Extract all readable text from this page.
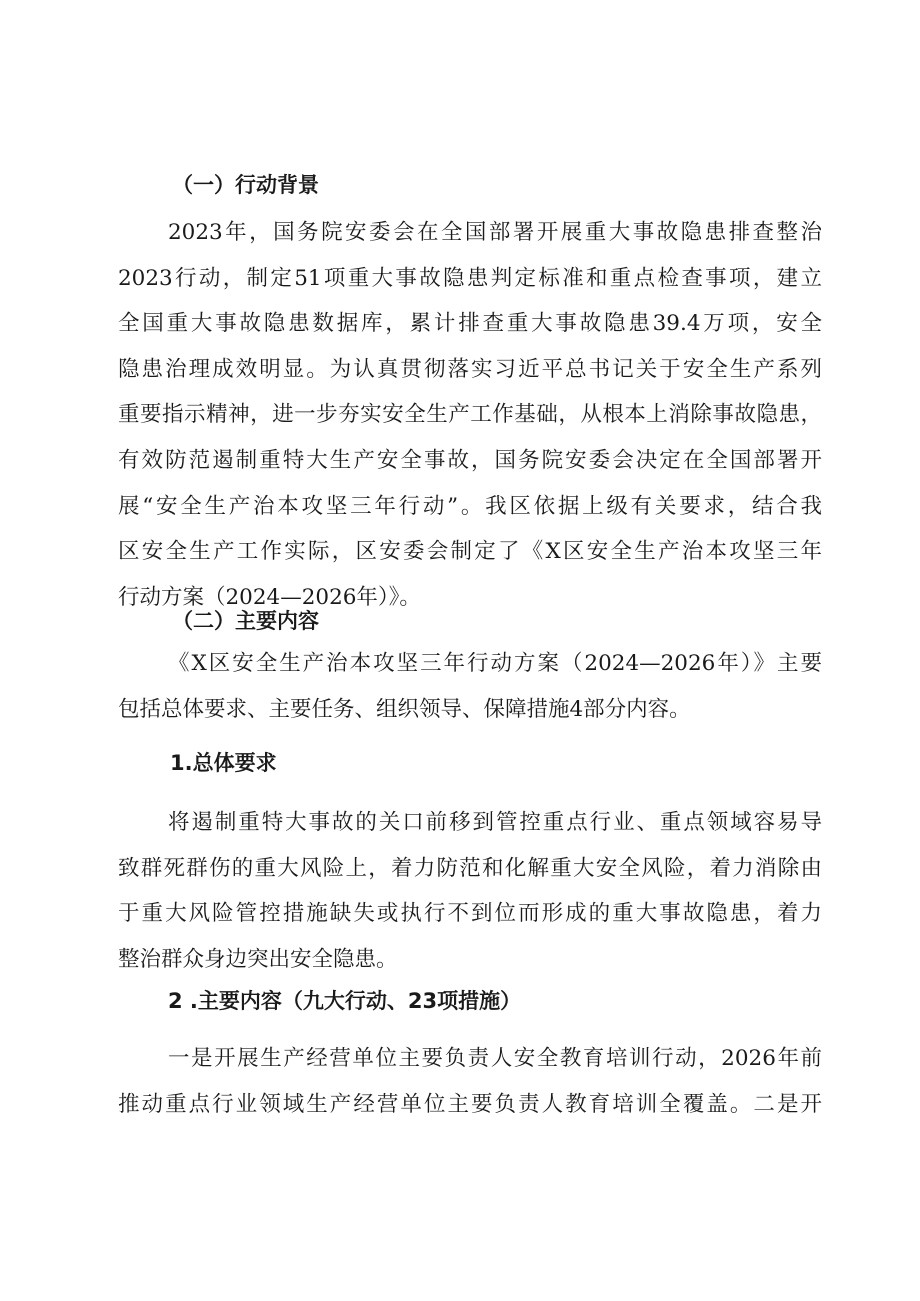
（一）行动背景
2023年，国务院安委会在全国部署开展重大事故隐患排查整治
2023行动，制定51项重大事故隐患判定标准和重点检查事项，建立
全国重大事故隐患数据库，累计排查重大事故隐患39.4万项，安全
隐患治理成效明显。为认真贯彻落实习近平总书记关于安全生产系列
重要指示精神，进一步夯实安全生产工作基础，从根本上消除事故隐患，
有效防范遏制重特大生产安全事故，国务院安委会决定在全国部署开
展“安全生产治本攻坚三年行动”。我区依据上级有关要求，结合我
区安全生产工作实际，区安委会制定了《X区安全生产治本攻坚三年
行动方案（2024—2026年）》。
（二）主要内容
《X区安全生产治本攻坚三年行动方案（2024—2026年）》主要
包括总体要求、主要任务、组织领导、保障措施4部分内容。
1.总体要求
将遏制重特大事故的关口前移到管控重点行业、重点领域容易导
致群死群伤的重大风险上，着力防范和化解重大安全风险，着力消除由
于重大风险管控措施缺失或执行不到位而形成的重大事故隐患，着力
整治群众身边突出安全隐患。
2 .主要内容（九大行动、23项措施）
一是开展生产经营单位主要负责人安全教育培训行动，2026年前
推动重点行业领域生产经营单位主要负责人教育培训全覆盖。二是开
